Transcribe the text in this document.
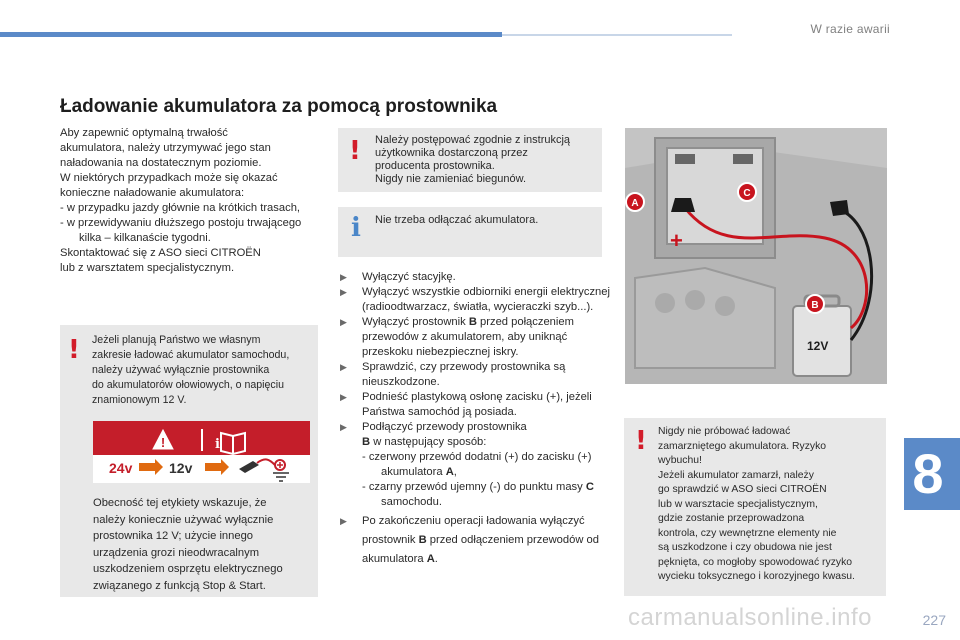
W razie awarii
Ładowanie akumulatora za pomocą prostownika
Aby zapewnić optymalną trwałość
akumulatora, należy utrzymywać jego stan
naładowania na dostatecznym poziomie.
W niektórych przypadkach może się okazać
konieczne naładowanie akumulatora:
- w przypadku jazdy głównie na krótkich trasach,
- w przewidywaniu dłuższego postoju trwającego kilka – kilkanaście tygodni.
Skontaktować się z ASO sieci CITROËN
lub z warsztatem specjalistycznym.
! Jeżeli planują Państwo we własnym
zakresie ładować akumulator samochodu,
należy używać wyłącznie prostownika
do akumulatorów ołowiowych, o napięciu
znamionowym 12 V.
Obecność tej etykiety wskazuje, że
należy koniecznie używać wyłącznie
prostownika 12 V; użycie innego
urządzenia grozi nieodwracalnym
uszkodzeniem osprzętu elektrycznego
związanego z funkcją Stop & Start.
!	i
24v	12v
! Należy postępować zgodnie z instrukcją
użytkownika dostarczoną przez
producenta prostownika.
Nigdy nie zamieniać biegunów.
i Nie trzeba odłączać akumulatora.
▶ Wyłączyć stacyjkę.
▶ Wyłączyć wszystkie odbiorniki energii elektrycznej (radioodtwarzacz, światła, wycieraczki szyb...).
▶ Wyłączyć prostownik B przed połączeniem przewodów z akumulatorem, aby uniknąć przeskoku niebezpiecznej iskry.
▶ Sprawdzić, czy przewody prostownika są nieuszkodzone.
▶ Podnieść plastykową osłonę zacisku (+), jeżeli Państwa samochód ją posiada.
▶ Podłączyć przewody prostownika
B w następujący sposób:
- czerwony przewód dodatni (+) do zacisku (+) akumulatora A,
- czarny przewód ujemny (-) do punktu masy C samochodu.
▶ Po zakończeniu operacji ładowania wyłączyć prostownik B przed odłączeniem przewodów od akumulatora A.
12V
+
A
C
B
! Nigdy nie próbować ładować
zamarzniętego akumulatora. Ryzyko
wybuchu!
Jeżeli akumulator zamarzł, należy
go sprawdzić w ASO sieci CITROËN
lub w warsztacie specjalistycznym,
gdzie zostanie przeprowadzona
kontrola, czy wewnętrzne elementy nie
są uszkodzone i czy obudowa nie jest
pęknięta, co mogłoby spowodować ryzyko
wycieku toksycznego i korozyjnego kwasu.
8
carmanualsonline.info	227
